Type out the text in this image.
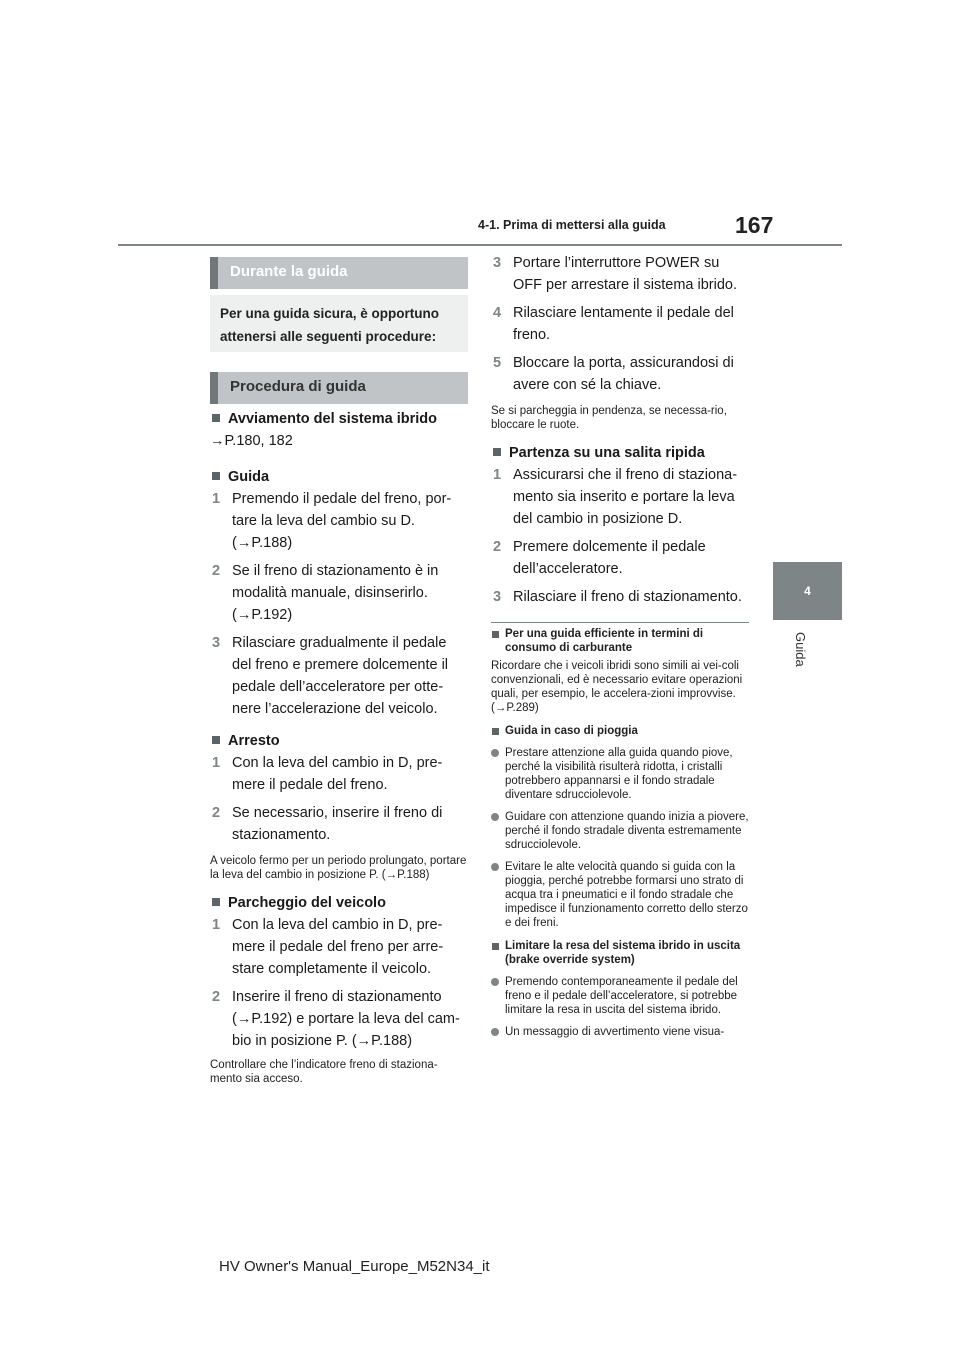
4-1. Prima di mettersi alla guida	167
4
Guida
Durante la guida

Per una guida sicura, è opportuno attenersi alle seguenti procedure:

Procedura di guida
Avviamento del sistema ibrido
→P.180, 182
Guida
1 Premendo il pedale del freno, por-tare la leva del cambio su D. (→P.188)
2 Se il freno di stazionamento è in modalità manuale, disinserirlo. (→P.192)
3 Rilasciare gradualmente il pedale del freno e premere dolcemente il pedale dell’acceleratore per otte-nere l’accelerazione del veicolo.
Arresto
1 Con la leva del cambio in D, pre-mere il pedale del freno.
2 Se necessario, inserire il freno di stazionamento.
A veicolo fermo per un periodo prolungato, portare la leva del cambio in posizione P. (→P.188)
Parcheggio del veicolo
1 Con la leva del cambio in D, pre-mere il pedale del freno per arre-stare completamente il veicolo.
2 Inserire il freno di stazionamento (→P.192) e portare la leva del cam-bio in posizione P. (→P.188)
Controllare che l’indicatore freno di staziona-mento sia acceso.
3 Portare l’interruttore POWER su OFF per arrestare il sistema ibrido.
4 Rilasciare lentamente il pedale del freno.
5 Bloccare la porta, assicurandosi di avere con sé la chiave.
Se si parcheggia in pendenza, se necessa-rio, bloccare le ruote.
Partenza su una salita ripida
1 Assicurarsi che il freno di staziona-mento sia inserito e portare la leva del cambio in posizione D.
2 Premere dolcemente il pedale dell’acceleratore.
3 Rilasciare il freno di stazionamento.
Per una guida efficiente in termini di consumo di carburante
Ricordare che i veicoli ibridi sono simili ai vei-coli convenzionali, ed è necessario evitare operazioni quali, per esempio, le accelera-zioni improvvise. (→P.289)
Guida in caso di pioggia
Prestare attenzione alla guida quando piove, perché la visibilità risulterà ridotta, i cristalli potrebbero appannarsi e il fondo stradale diventare sdrucciolevole.
Guidare con attenzione quando inizia a piovere, perché il fondo stradale diventa estremamente sdrucciolevole.
Evitare le alte velocità quando si guida con la pioggia, perché potrebbe formarsi uno strato di acqua tra i pneumatici e il fondo stradale che impedisce il funzionamento corretto dello sterzo e dei freni.
Limitare la resa del sistema ibrido in uscita (brake override system)
Premendo contemporaneamente il pedale del freno e il pedale dell’acceleratore, si potrebbe limitare la resa in uscita del sistema ibrido.
Un messaggio di avvertimento viene visua-
HV Owner's Manual_Europe_M52N34_it
